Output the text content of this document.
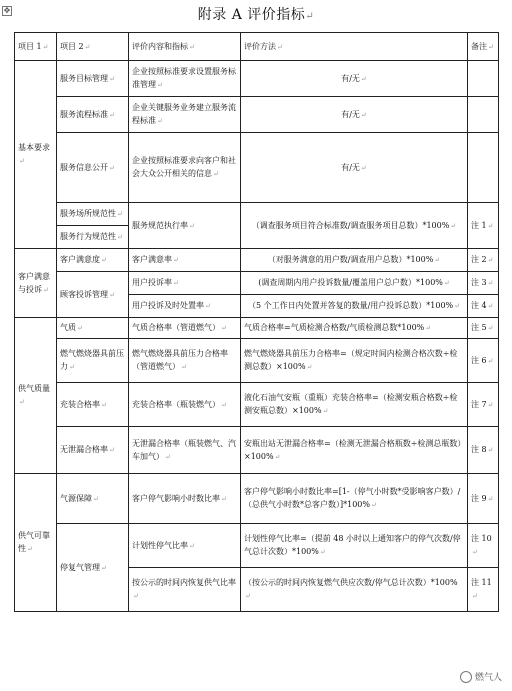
✥	附录 A 评价指标↵
项目 1 ↵	项目 2 ↵	评价内容和指标 ↵	评价方法 ↵	备注 ↵
基本要求 ↵	服务目标管理 ↵	企业按照标准要求设置服务标准管理 ↵	有/无 ↵	
	服务流程标准 ↵	企业关键服务业务建立服务流程标准 ↵	有/无 ↵	
	服务信息公开 ↵	企业按照标准要求向客户和社会大众公开相关的信息 ↵	有/无 ↵	
	服务场所规范性 ↵	服务规范执行率 ↵	（调查服务项目符合标准数/调查服务项目总数）*100% ↵	注 1 ↵
	服务行为规范性 ↵
客户满意与投诉 ↵	客户满意度 ↵	客户满意率 ↵	（对服务满意的用户数/调查用户总数）*100% ↵	注 2 ↵
	顾客投诉管理 ↵	用户投诉率 ↵	(调查周期内用户投诉数量/覆盖用户总户数）*100% ↵	注 3 ↵
		用户投诉及时处置率 ↵	（5 个工作日内处置并答复的数量/用户投诉总数）*100% ↵	注 4 ↵
供气质量 ↵	气质 ↵	气质合格率（管道燃气） ↵	气质合格率=气质检测合格数/气质检测总数*100% ↵	注 5 ↵
	燃气燃烧器具前压力 ↵	燃气燃烧器具前压力合格率（管道燃气） ↵	燃气燃烧器具前压力合格率=（规定时间内检测合格次数÷检测总数）×100% ↵	注 6 ↵
	充装合格率 ↵	充装合格率（瓶装燃气） ↵	液化石油气安瓶（重瓶）充装合格率=（检测安瓶合格数÷检测安瓶总数）×100% ↵	注 7 ↵
	无泄漏合格率 ↵	无泄漏合格率（瓶装燃气、汽车加气） ↵	安瓶出站无泄漏合格率=（检测无泄漏合格瓶数÷检测总瓶数）×100% ↵	注 8 ↵
供气可靠性 ↵	气源保障 ↵	客户停气影响小时数比率 ↵	客户停气影响小时数比率=[1-（停气小时数*受影响客户数）/（总供气小时数*总客户数）]*100% ↵	注 9 ↵
	停复气管理 ↵	计划性停气比率 ↵	计划性停气比率=（提前 48 小时以上通知客户的停气次数/停气总计次数）*100% ↵	注 10 ↵
		按公示的时间内恢复供气比率 ↵	（按公示的时间内恢复燃气供应次数/停气总计次数）*100% ↵	注 11 ↵
燃气人
